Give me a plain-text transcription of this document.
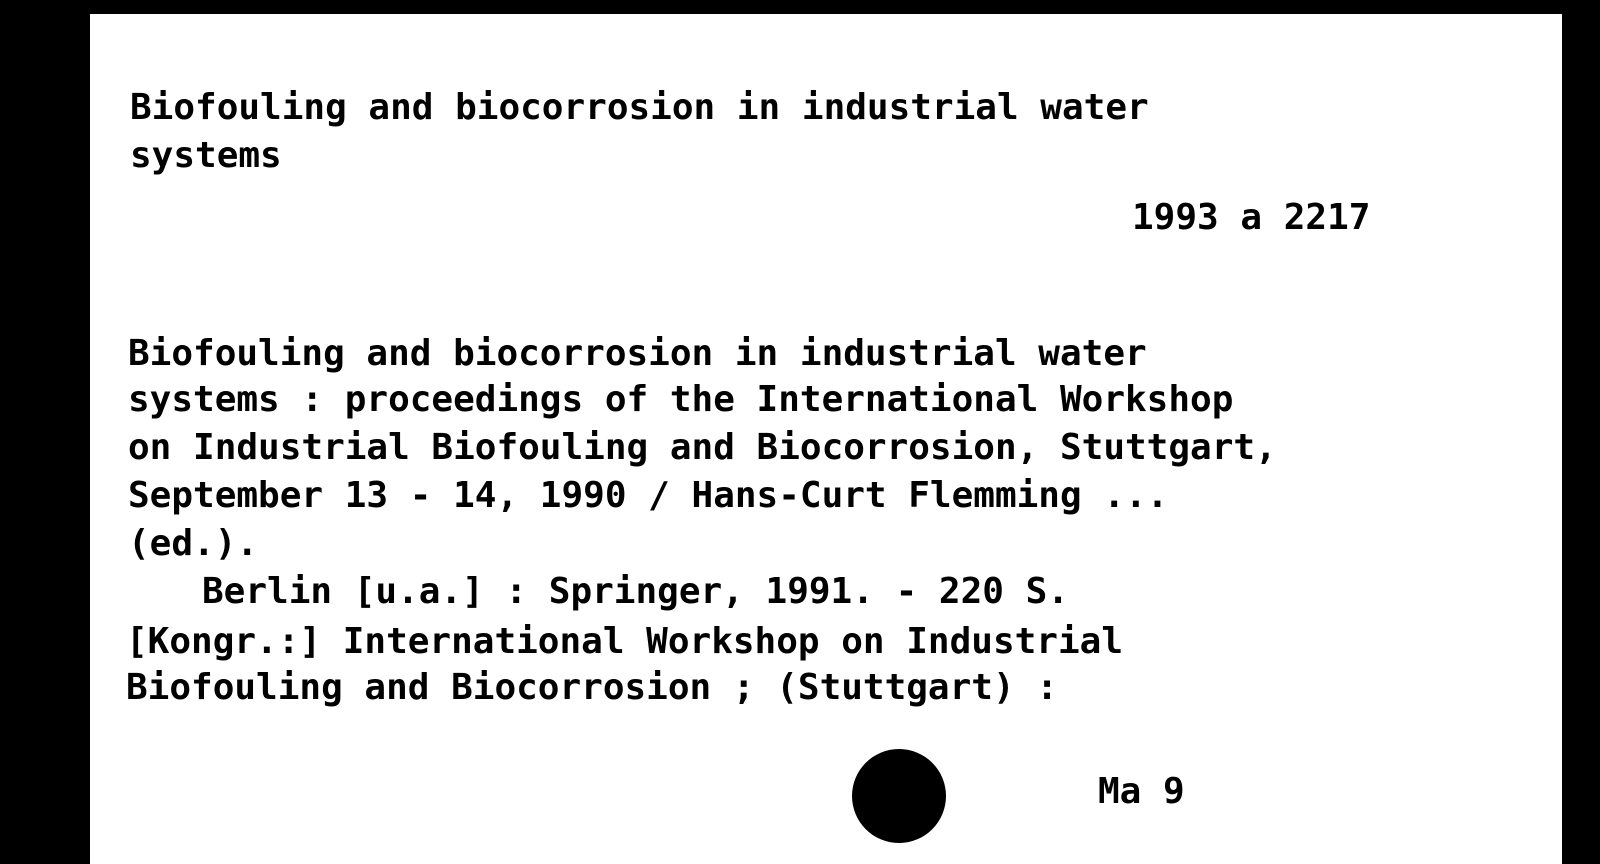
Biofouling and biocorrosion in industrial water
systems
1993 a 2217
Biofouling and biocorrosion in industrial water
systems : proceedings of the International Workshop
on Industrial Biofouling and Biocorrosion, Stuttgart,
September 13 - 14, 1990 / Hans-Curt Flemming ...
(ed.).
Berlin [u.a.] : Springer, 1991. - 220 S.
[Kongr.:] International Workshop on Industrial
Biofouling and Biocorrosion ; (Stuttgart) :
Ma 9
